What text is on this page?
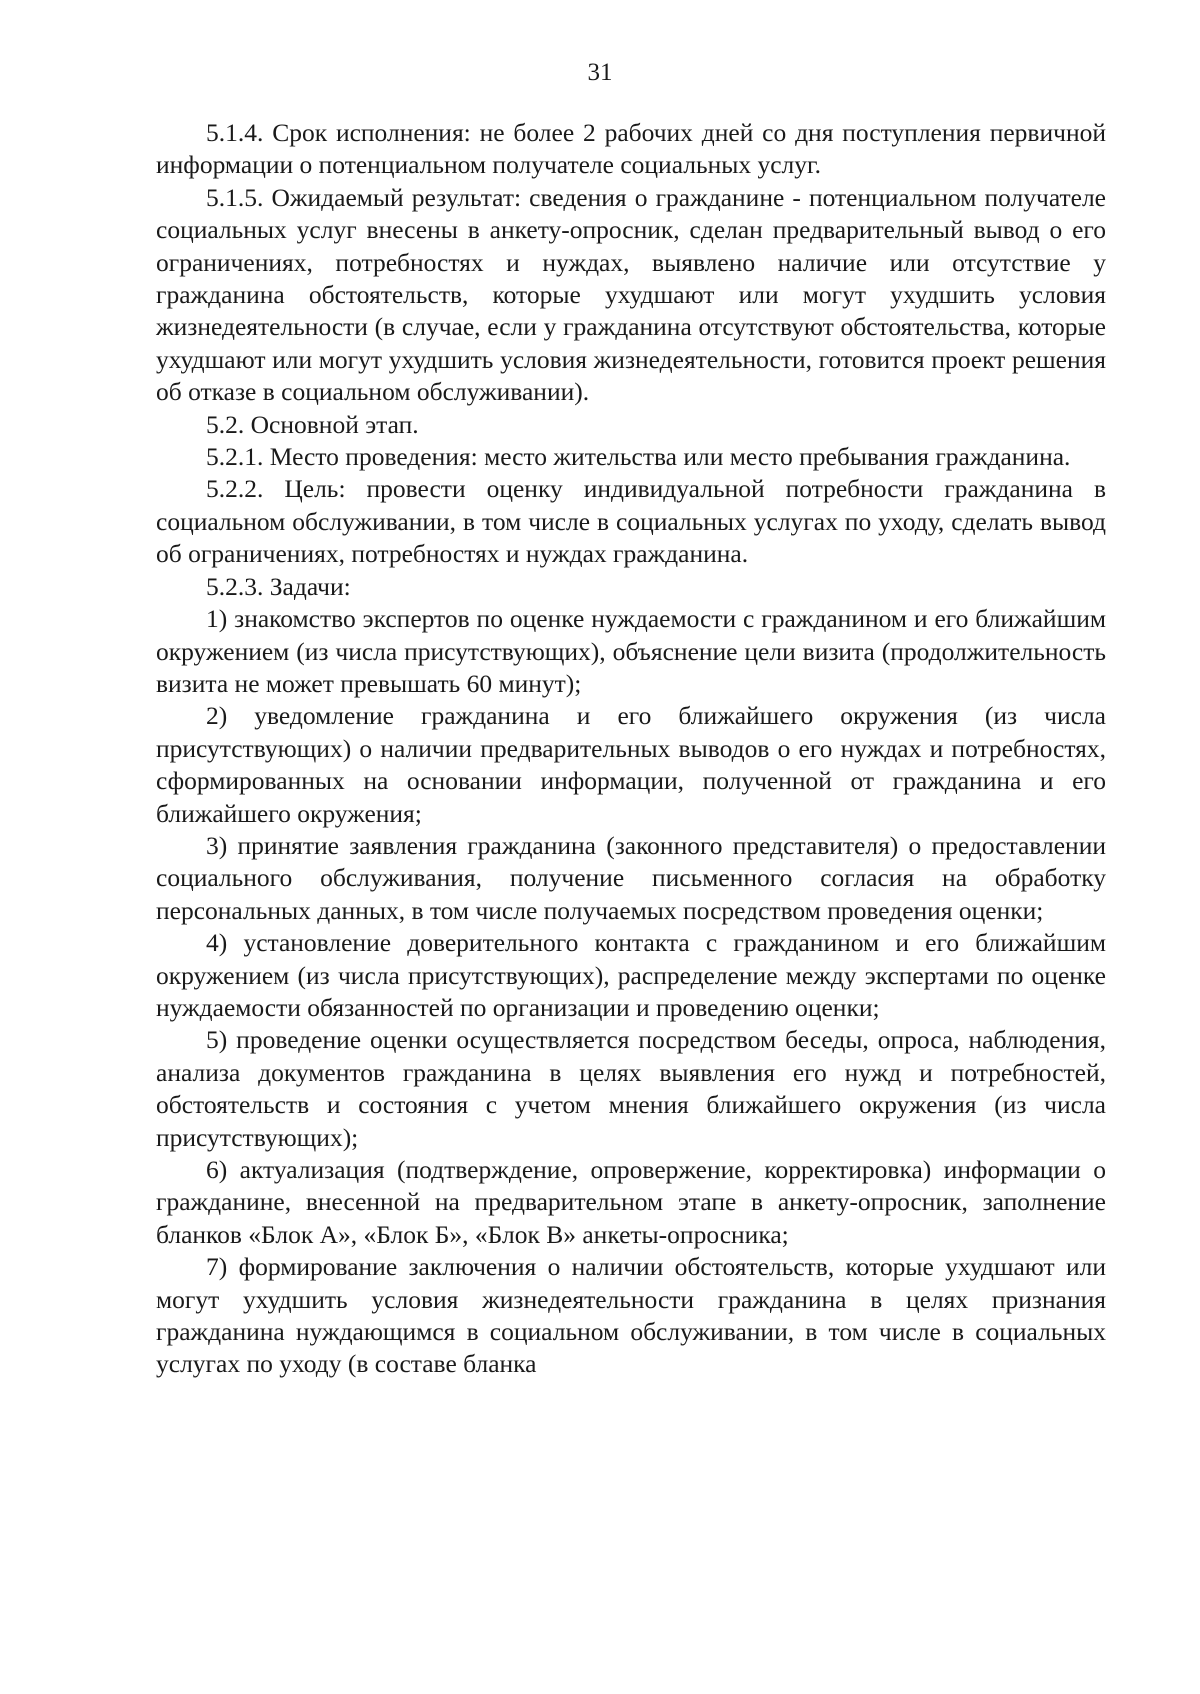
31

5.1.4. Срок исполнения: не более 2 рабочих дней со дня поступления первичной информации о потенциальном получателе социальных услуг.

5.1.5. Ожидаемый результат: сведения о гражданине - потенциальном получателе социальных услуг внесены в анкету-опросник, сделан предварительный вывод о его ограничениях, потребностях и нуждах, выявлено наличие или отсутствие у гражданина обстоятельств, которые ухудшают или могут ухудшить условия жизнедеятельности (в случае, если у гражданина отсутствуют обстоятельства, которые ухудшают или могут ухудшить условия жизнедеятельности, готовится проект решения об отказе в социальном обслуживании).

5.2. Основной этап.

5.2.1. Место проведения: место жительства или место пребывания гражданина.

5.2.2. Цель: провести оценку индивидуальной потребности гражданина в социальном обслуживании, в том числе в социальных услугах по уходу, сделать вывод об ограничениях, потребностях и нуждах гражданина.

5.2.3. Задачи:

1) знакомство экспертов по оценке нуждаемости с гражданином и его ближайшим окружением (из числа присутствующих), объяснение цели визита (продолжительность визита не может превышать 60 минут);

2) уведомление гражданина и его ближайшего окружения (из числа присутствующих) о наличии предварительных выводов о его нуждах и потребностях, сформированных на основании информации, полученной от гражданина и его ближайшего окружения;

3) принятие заявления гражданина (законного представителя) о предоставлении социального обслуживания, получение письменного согласия на обработку персональных данных, в том числе получаемых посредством проведения оценки;

4) установление доверительного контакта с гражданином и его ближайшим окружением (из числа присутствующих), распределение между экспертами по оценке нуждаемости обязанностей по организации и проведению оценки;

5) проведение оценки осуществляется посредством беседы, опроса, наблюдения, анализа документов гражданина в целях выявления его нужд и потребностей, обстоятельств и состояния с учетом мнения ближайшего окружения (из числа присутствующих);

6) актуализация (подтверждение, опровержение, корректировка) информации о гражданине, внесенной на предварительном этапе в анкету-опросник, заполнение бланков «Блок А», «Блок Б», «Блок В» анкеты-опросника;

7) формирование заключения о наличии обстоятельств, которые ухудшают или могут ухудшить условия жизнедеятельности гражданина в целях признания гражданина нуждающимся в социальном обслуживании, в том числе в социальных услугах по уходу (в составе бланка
